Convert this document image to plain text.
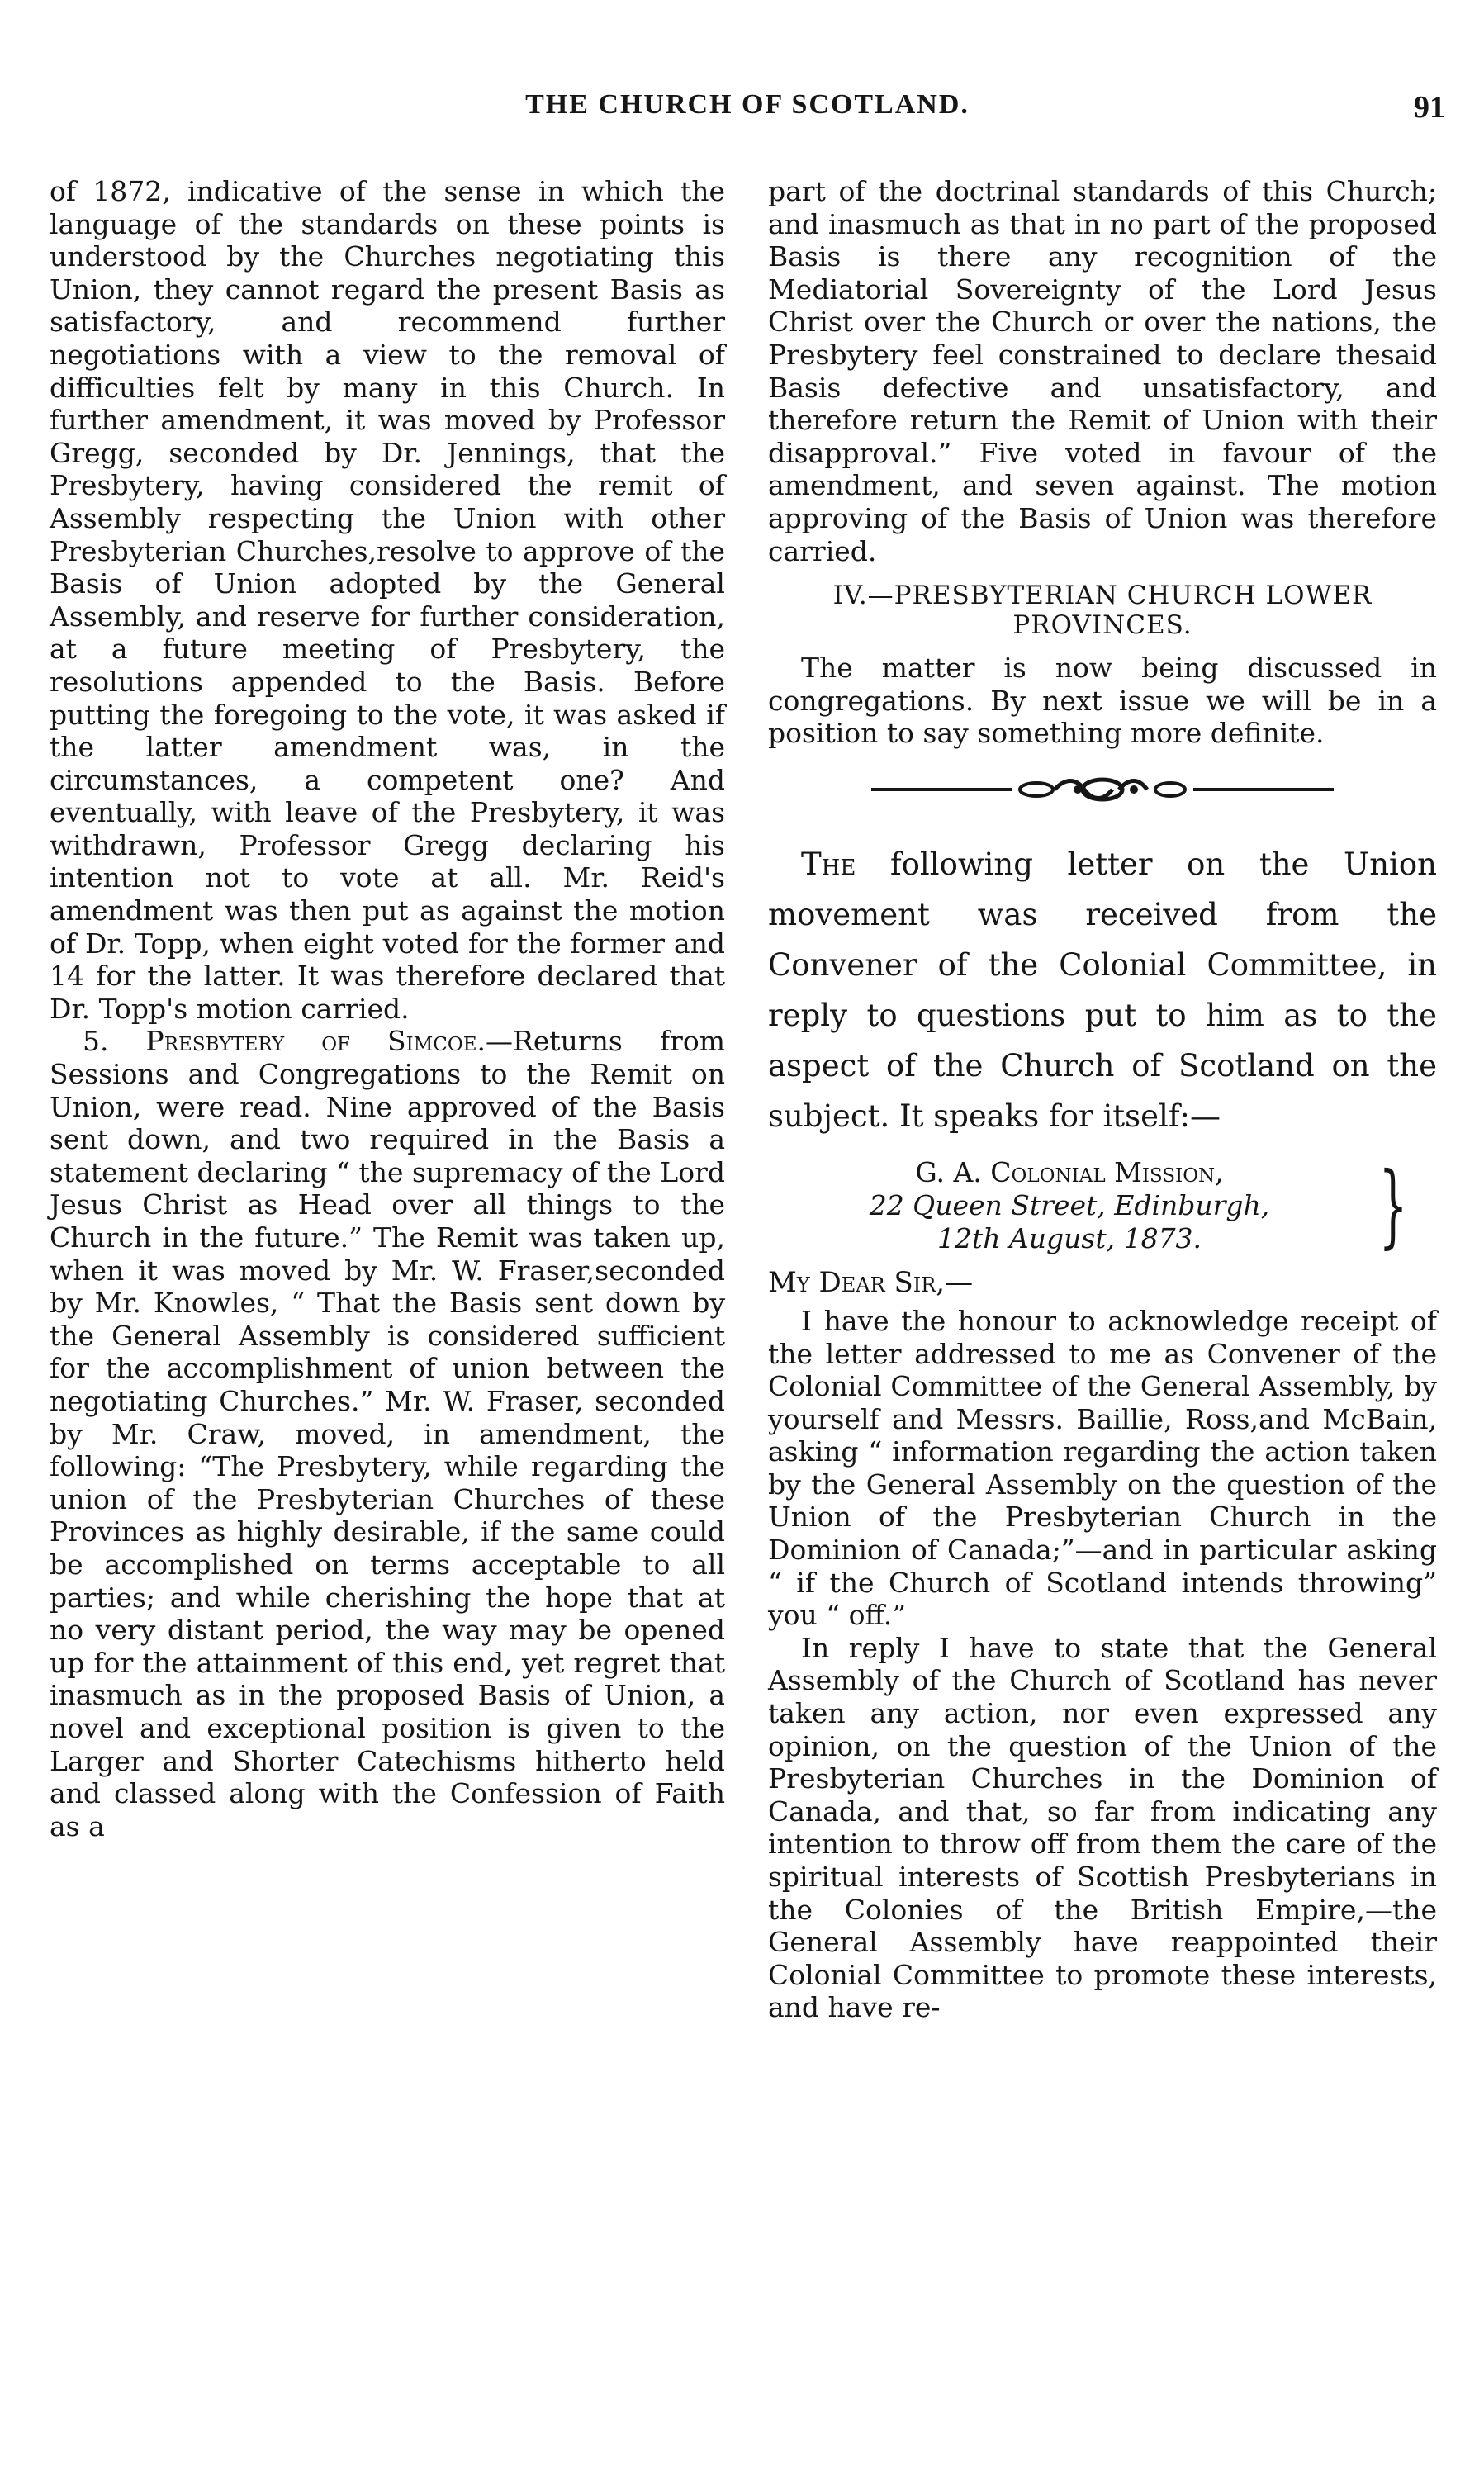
THE CHURCH OF SCOTLAND.	91

of 1872, indicative of the sense in which the language of the standards on these points is understood by the Churches negotiating this Union, they cannot regard the present Basis as satisfactory, and recommend further negotiations with a view to the removal of difficulties felt by many in this Church. In further amendment, it was moved by Professor Gregg, seconded by Dr. Jennings, that the Presbytery, having considered the remit of Assembly respecting the Union with other Presbyterian Churches,resolve to approve of the Basis of Union adopted by the General Assembly, and reserve for further consideration, at a future meeting of Presbytery, the resolutions appended to the Basis. Before putting the foregoing to the vote, it was asked if the latter amendment was, in the circumstances, a competent one? And eventually, with leave of the Presbytery, it was withdrawn, Professor Gregg declaring his intention not to vote at all. Mr. Reid's amendment was then put as against the motion of Dr. Topp, when eight voted for the former and 14 for the latter. It was therefore declared that Dr. Topp's motion carried.

5. Presbytery of Simcoe.—Returns from Sessions and Congregations to the Remit on Union, were read. Nine approved of the Basis sent down, and two required in the Basis a statement declaring “ the supremacy of the Lord Jesus Christ as Head over all things to the Church in the future.” The Remit was taken up, when it was moved by Mr. W. Fraser,seconded by Mr. Knowles, “ That the Basis sent down by the General Assembly is considered sufficient for the accomplishment of union between the negotiating Churches.” Mr. W. Fraser, seconded by Mr. Craw, moved, in amendment, the following: “The Presbytery, while regarding the union of the Presbyterian Churches of these Provinces as highly desirable, if the same could be accomplished on terms acceptable to all parties; and while cherishing the hope that at no very distant period, the way may be opened up for the attainment of this end, yet regret that inasmuch as in the proposed Basis of Union, a novel and exceptional position is given to the Larger and Shorter Catechisms hitherto held and classed along with the Confession of Faith as a

part of the doctrinal standards of this Church; and inasmuch as that in no part of the proposed Basis is there any recognition of the Mediatorial Sovereignty of the Lord Jesus Christ over the Church or over the nations, the Presbytery feel constrained to declare thesaid Basis defective and unsatisfactory, and therefore return the Remit of Union with their disapproval.” Five voted in favour of the amendment, and seven against. The motion approving of the Basis of Union was therefore carried.

IV.—PRESBYTERIAN CHURCH LOWER PROVINCES.

The matter is now being discussed in congregations. By next issue we will be in a position to say something more definite.

The following letter on the Union movement was received from the Convener of the Colonial Committee, in reply to questions put to him as to the aspect of the Church of Scotland on the subject. It speaks for itself:—

G. A. Colonial Mission,
22 Queen Street, Edinburgh,
12th August, 1873.	}
My Dear Sir,—

I have the honour to acknowledge receipt of the letter addressed to me as Convener of the Colonial Committee of the General Assembly, by yourself and Messrs. Baillie, Ross,and McBain, asking “ information regarding the action taken by the General Assembly on the question of the Union of the Presbyterian Church in the Dominion of Canada;”—and in particular asking “ if the Church of Scotland intends throwing” you “ off.”

In reply I have to state that the General Assembly of the Church of Scotland has never taken any action, nor even expressed any opinion, on the question of the Union of the Presbyterian Churches in the Dominion of Canada, and that, so far from indicating any intention to throw off from them the care of the spiritual interests of Scottish Presbyterians in the Colonies of the British Empire,—the General Assembly have reappointed their Colonial Committee to promote these interests, and have re-
